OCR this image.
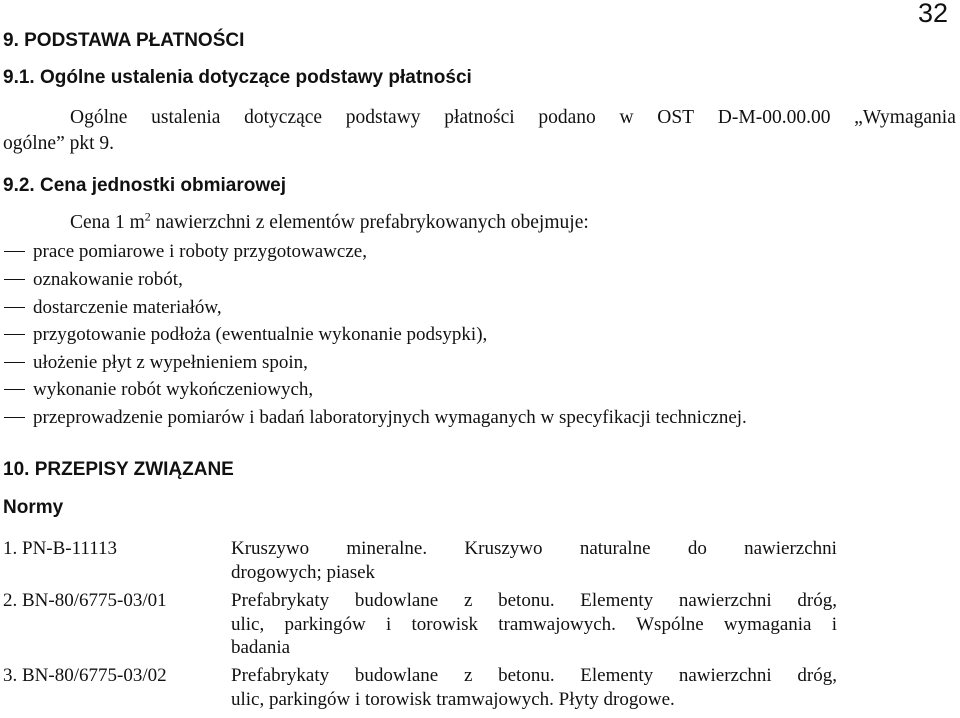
32
9. PODSTAWA PŁATNOŚCI
9.1. Ogólne ustalenia dotyczące podstawy płatności
Ogólne ustalenia dotyczące podstawy płatności podano w OST D-M-00.00.00 „Wymagania
ogólne” pkt 9.
9.2. Cena jednostki obmiarowej
Cena 1 $m^2$ nawierzchni z elementów prefabrykowanych obejmuje:
prace pomiarowe i roboty przygotowawcze,
oznakowanie robót,
dostarczenie materiałów,
przygotowanie podłoża (ewentualnie wykonanie podsypki),
ułożenie płyt z wypełnieniem spoin,
wykonanie robót wykończeniowych,
przeprowadzenie pomiarów i badań laboratoryjnych wymaganych w specyfikacji technicznej.
10. PRZEPISY ZWIĄZANE
Normy
1. PN-B-11113	Kruszywo mineralne. Kruszywo naturalne do nawierzchni
drogowych; piasek
2. BN-80/6775-03/01	Prefabrykaty budowlane z betonu. Elementy nawierzchni dróg,
ulic, parkingów i torowisk tramwajowych. Wspólne wymagania i
badania
3. BN-80/6775-03/02	Prefabrykaty budowlane z betonu. Elementy nawierzchni dróg,
ulic, parkingów i torowisk tramwajowych. Płyty drogowe.
